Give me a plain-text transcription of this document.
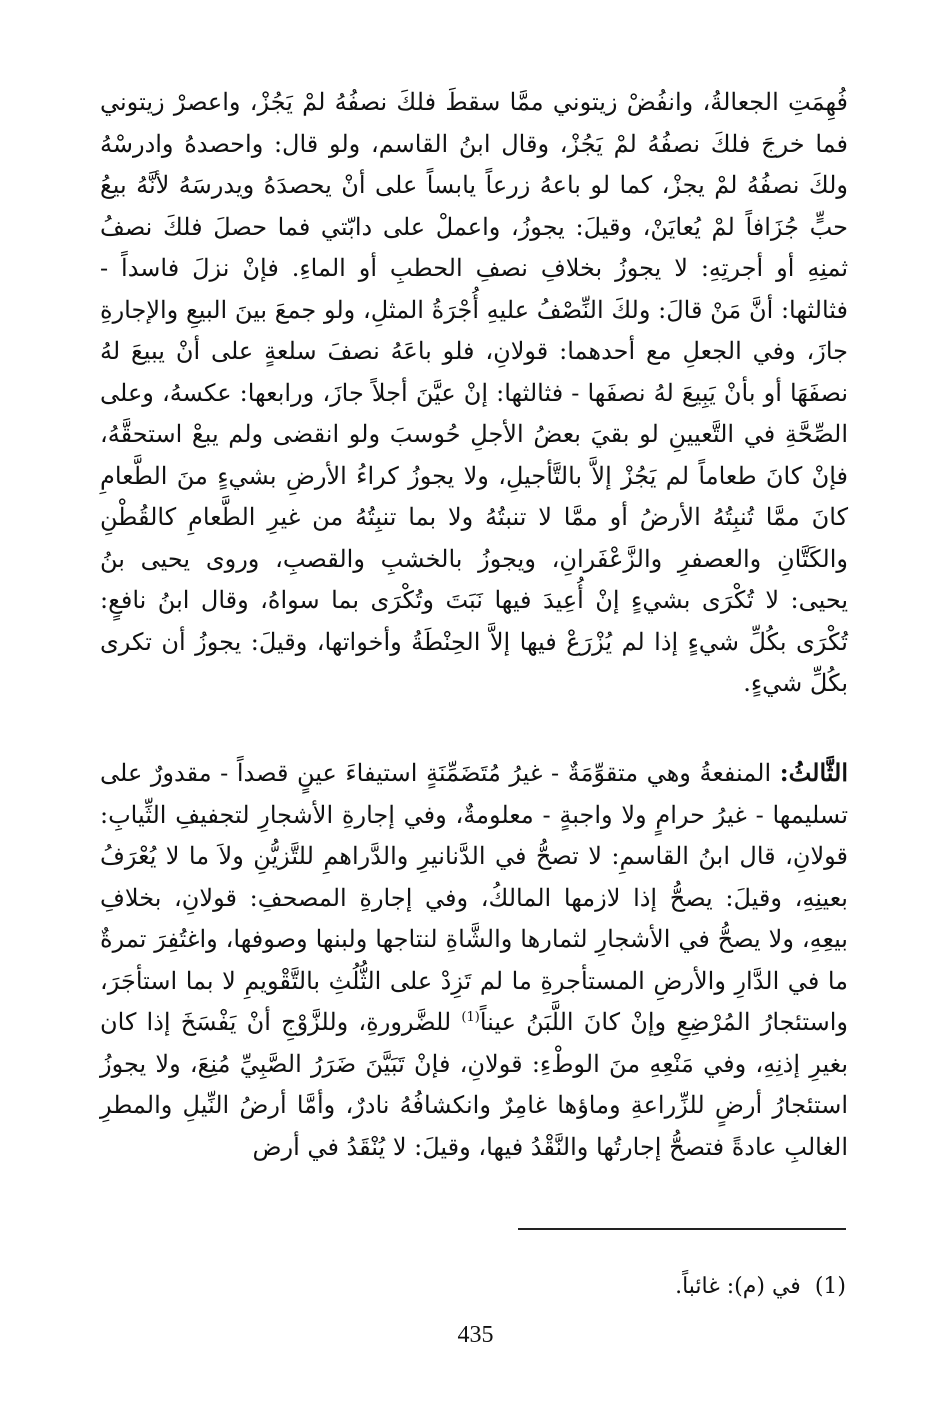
فُهِمَتِ الجعالةُ، وانفُضْ زيتوني ممَّا سقطَ فلكَ نصفُهُ لمْ يَجُزْ، واعصرْ زيتوني فما خرجَ فلكَ نصفُهُ لمْ يَجُزْ، وقال ابنُ القاسم، ولو قال: واحصدهُ وادرسْهُ ولكَ نصفُهُ لمْ يجزْ، كما لو باعهُ زرعاً يابساً على أنْ يحصدَهُ ويدرسَهُ لأنَّهُ بيعُ حبٍّ جُزَافاً لمْ يُعايَنْ، وقيلَ: يجوزُ، واعملْ على دابّتي فما حصلَ فلكَ نصفُ ثمنِهِ أو أجرتِهِ: لا يجوزُ بخلافِ نصفِ الحطبِ أو الماءِ. فإنْ نزلَ فاسداً - فثالثها: أنَّ مَنْ قالَ: ولكَ النِّصْفُ عليهِ أُجْرَةُ المثلِ، ولو جمعَ بينَ البيعِ والإجارةِ جازَ، وفي الجعلِ مع أحدهما: قولانِ، فلو باعَهُ نصفَ سلعةٍ على أنْ يبيعَ لهُ نصفَهَا أو بأنْ يَبِيعَ لهُ نصفَها - فثالثها: إنْ عيَّنَ أجلاً جازَ، ورابعها: عكسهُ، وعلى الصِّحَّةِ في التَّعيينِ لو بقيَ بعضُ الأجلِ حُوسبَ ولو انقضى ولم يبعْ استحقَّهُ، فإنْ كانَ طعاماً لم يَجُزْ إلاَّ بالتَّأجيلِ، ولا يجوزُ كراءُ الأرضِ بشيءٍ منَ الطَّعامِ كانَ ممَّا تُنبِتُهُ الأرضُ أو ممَّا لا تنبتُهُ ولا بما تنبِتُهُ من غيرِ الطَّعامِ كالقُطْنِ والكَتَّانِ والعصفرِ والزَّعْفَرانِ، ويجوزُ بالخشبِ والقصبِ، وروى يحيى بنُ يحيى: لا تُكْرَى بشيءٍ إنْ أُعِيدَ فيها نَبَتَ وتُكْرَى بما سواهُ، وقال ابنُ نافعٍ: تُكْرَى بكُلِّ شيءٍ إذا لم يُزْرَعْ فيها إلاَّ الحِنْطَةُ وأخواتها، وقيلَ: يجوزُ أن تكرى بكُلِّ شيءٍ.

الثَّالثُ: المنفعةُ وهي متقوِّمَةٌ - غيرُ مُتَضَمِّنَةٍ استيفاءَ عينٍ قصداً - مقدورٌ على تسليمها - غيرُ حرامٍ ولا واجبةٍ - معلومةٌ، وفي إجارةِ الأشجارِ لتجفيفِ الثِّيابِ: قولانِ، قال ابنُ القاسمِ: لا تصحُّ في الدَّنانيرِ والدَّراهمِ للتَّزيُّنِ ولاَ ما لا يُعْرَفُ بعينِهِ، وقيلَ: يصحُّ إذا لازمها المالكُ، وفي إجارةِ المصحفِ: قولانِ، بخلافِ بيعِهِ، ولا يصحُّ في الأشجارِ لثمارها والشَّاةِ لنتاجها ولبنها وصوفها، واغتُفِرَ تمرةٌ ما في الدَّارِ والأرضِ المستأجرةِ ما لم تَزِدْ على الثُّلُثِ بالتَّقْويمِ لا بما استأجَرَ، واستئجارُ المُرْضِعِ وإنْ كانَ اللَّبَنُ عيناً$^{(1)}$ للضَّرورةِ، وللزَّوْجِ أنْ يَفْسَخَ إذا كان بغيرِ إذنِهِ، وفي مَنْعِهِ منَ الوطْءِ: قولانِ، فإنْ تَبَيَّنَ ضَرَرُ الصَّبِيِّ مُنِعَ، ولا يجوزُ استئجارُ أرضٍ للزِّراعةِ وماؤها غامِرٌ وانكشافُهُ نادرٌ، وأمَّا أرضُ النِّيلِ والمطرِ الغالبِ عادةً فتصحُّ إجارتُها والنَّقْدُ فيها، وقيلَ: لا يُنْقَدُ في أرض

(1)في (م): غائباً.
435
